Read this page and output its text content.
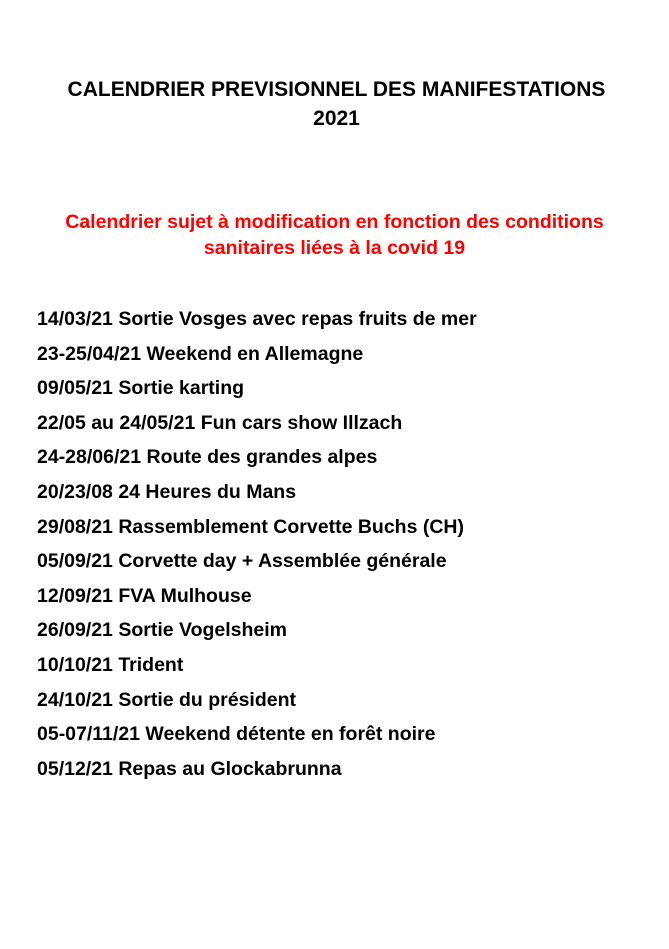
CALENDRIER PREVISIONNEL DES MANIFESTATIONS
2021
Calendrier sujet à modification en fonction des conditions
sanitaires liées à la covid 19
14/03/21 Sortie Vosges avec repas fruits de mer
23-25/04/21 Weekend en Allemagne
09/05/21 Sortie karting
22/05 au 24/05/21 Fun cars show Illzach
24-28/06/21 Route des grandes alpes
20/23/08 24 Heures du Mans
29/08/21 Rassemblement Corvette Buchs (CH)
05/09/21 Corvette day + Assemblée générale
12/09/21 FVA Mulhouse
26/09/21 Sortie Vogelsheim
10/10/21 Trident
24/10/21 Sortie du président
05-07/11/21 Weekend détente en forêt noire
05/12/21 Repas au Glockabrunna
